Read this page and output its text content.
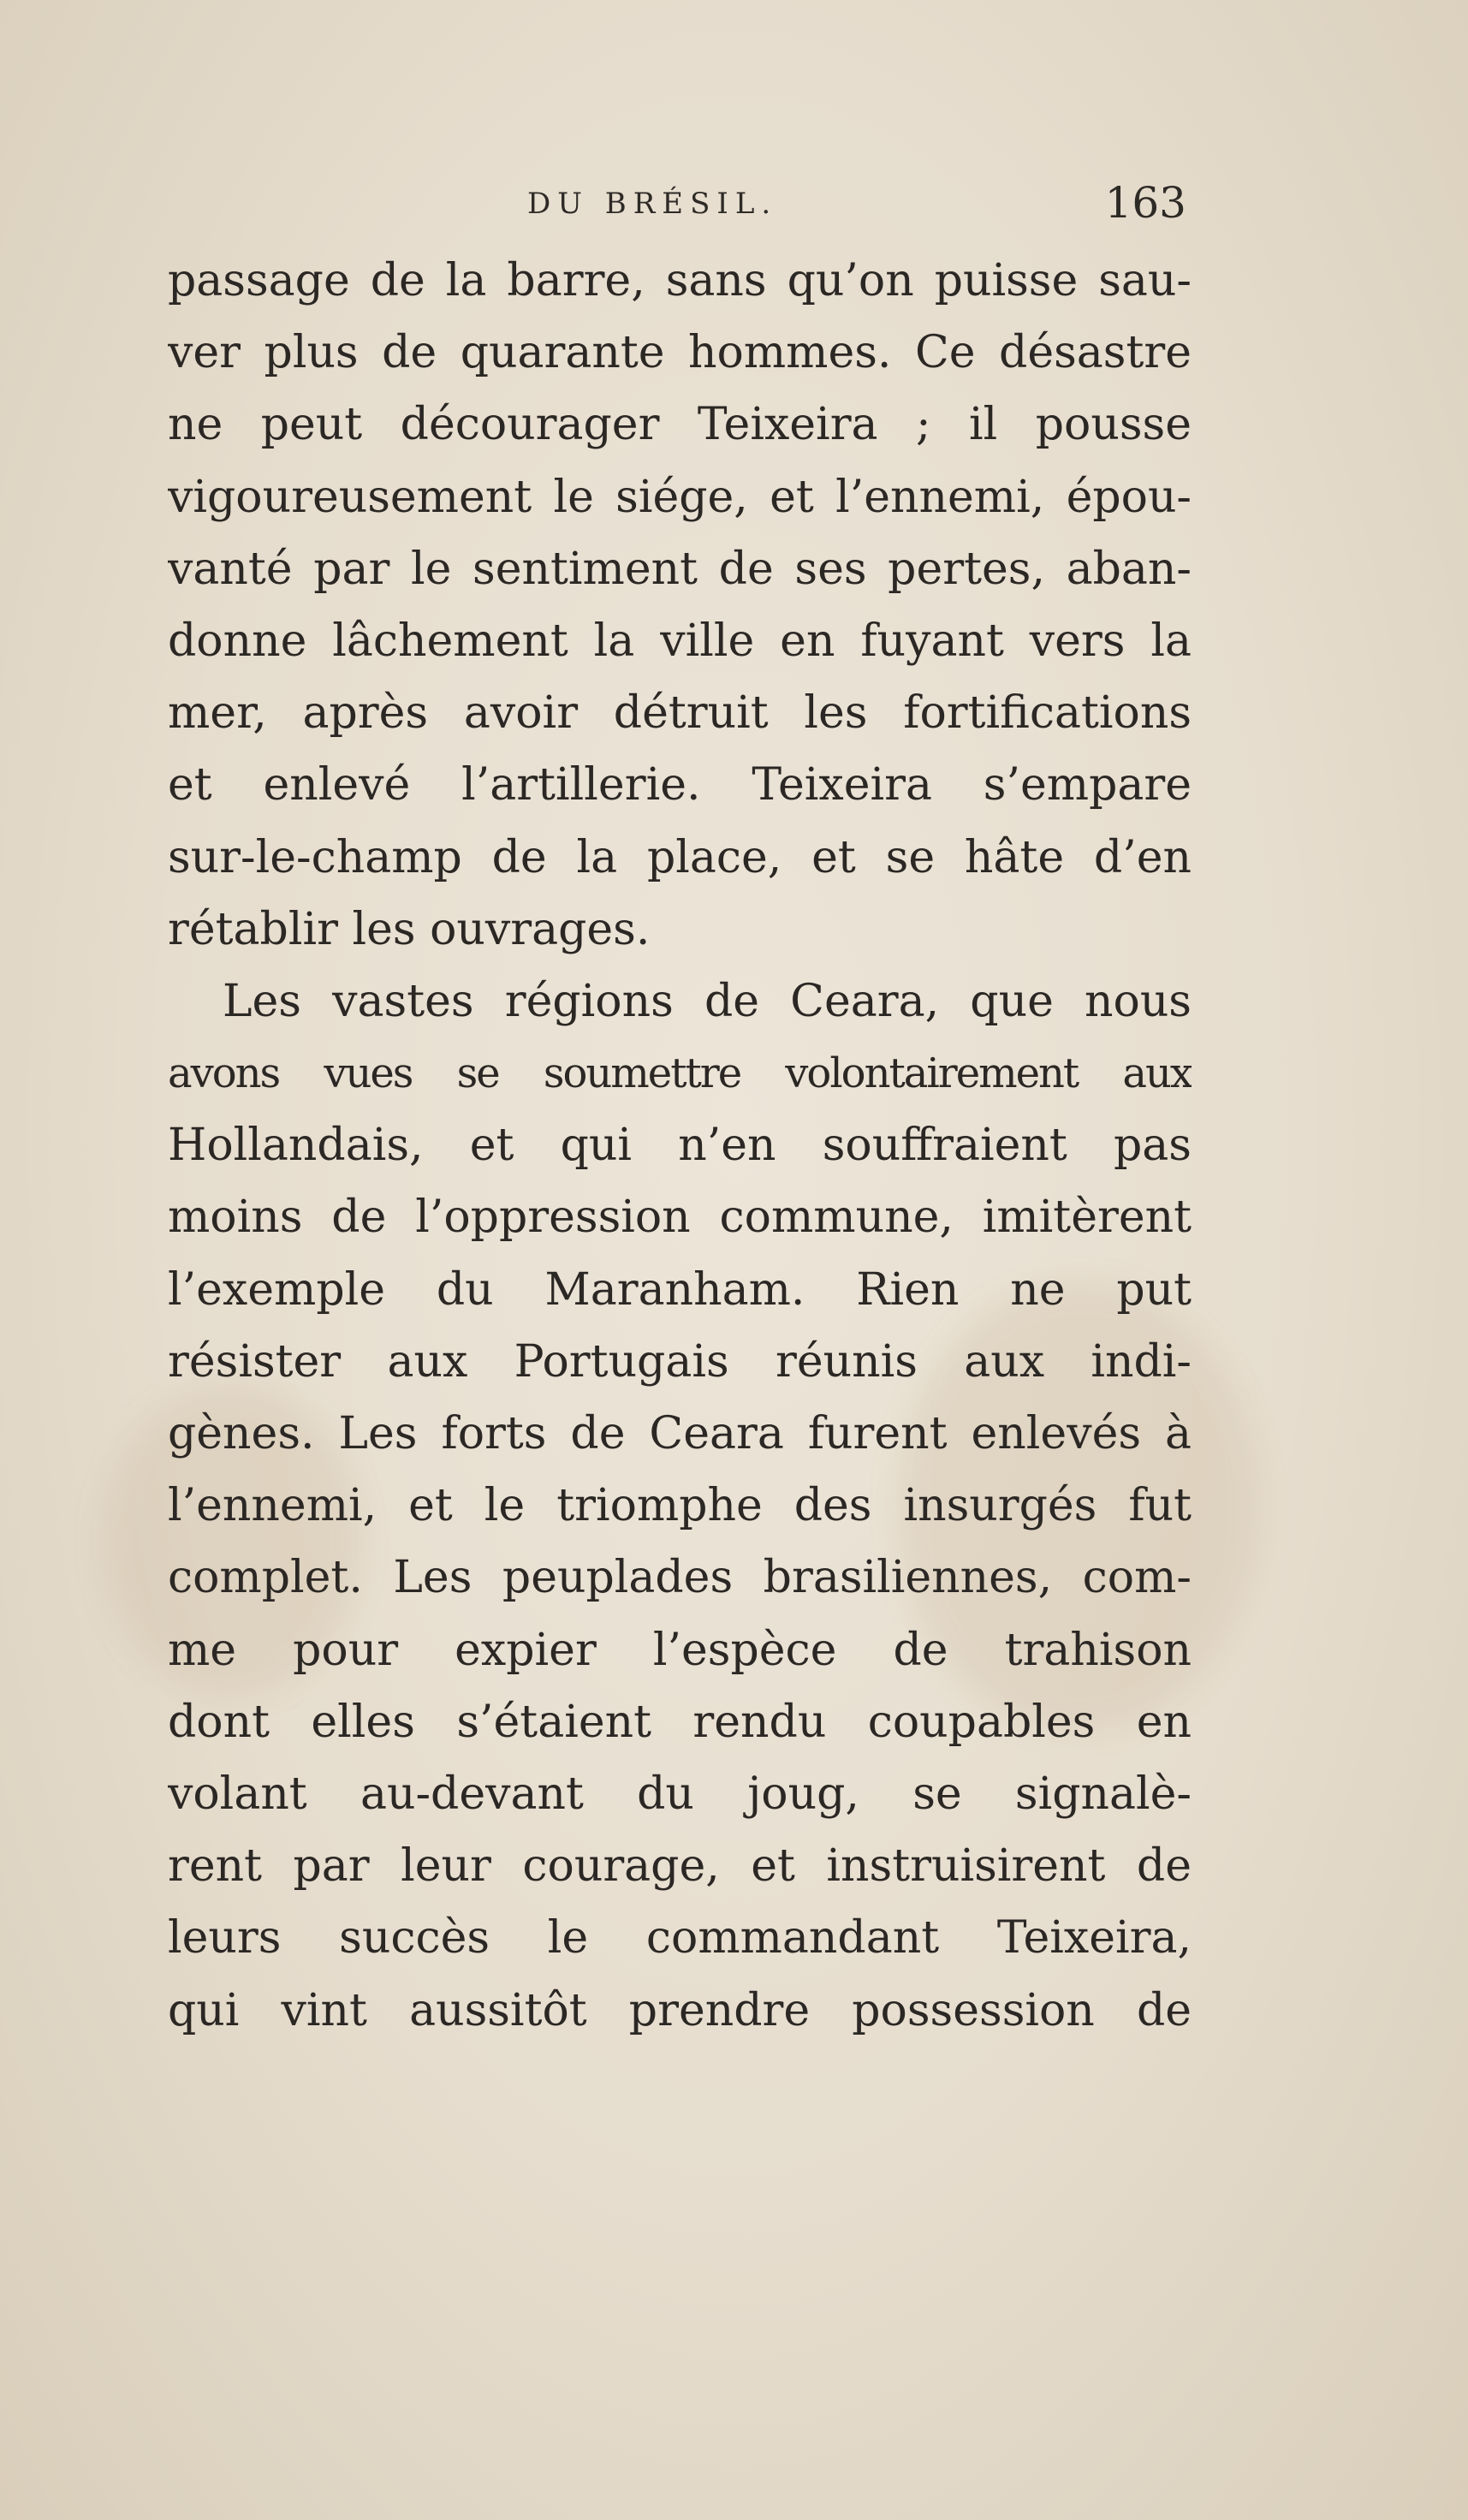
DU BRÉSIL.	163
passage de la barre, sans qu’on puisse sau-
ver plus de quarante hommes. Ce désastre
ne peut décourager Teixeira ; il pousse
vigoureusement le siége, et l’ennemi, épou-
vanté par le sentiment de ses pertes, aban-
donne lâchement la ville en fuyant vers la
mer, après avoir détruit les fortifications
et enlevé l’artillerie. Teixeira s’empare
sur-le-champ de la place, et se hâte d’en
rétablir les ouvrages.
Les vastes régions de Ceara, que nous
avons vues se soumettre volontairement aux
Hollandais, et qui n’en souffraient pas
moins de l’oppression commune, imitèrent
l’exemple du Maranham. Rien ne put
résister aux Portugais réunis aux indi-
gènes. Les forts de Ceara furent enlevés à
l’ennemi, et le triomphe des insurgés fut
complet. Les peuplades brasiliennes, com-
me pour expier l’espèce de trahison
dont elles s’étaient rendu coupables en
volant au-devant du joug, se signalè-
rent par leur courage, et instruisirent de
leurs succès le commandant Teixeira,
qui vint aussitôt prendre possession de
